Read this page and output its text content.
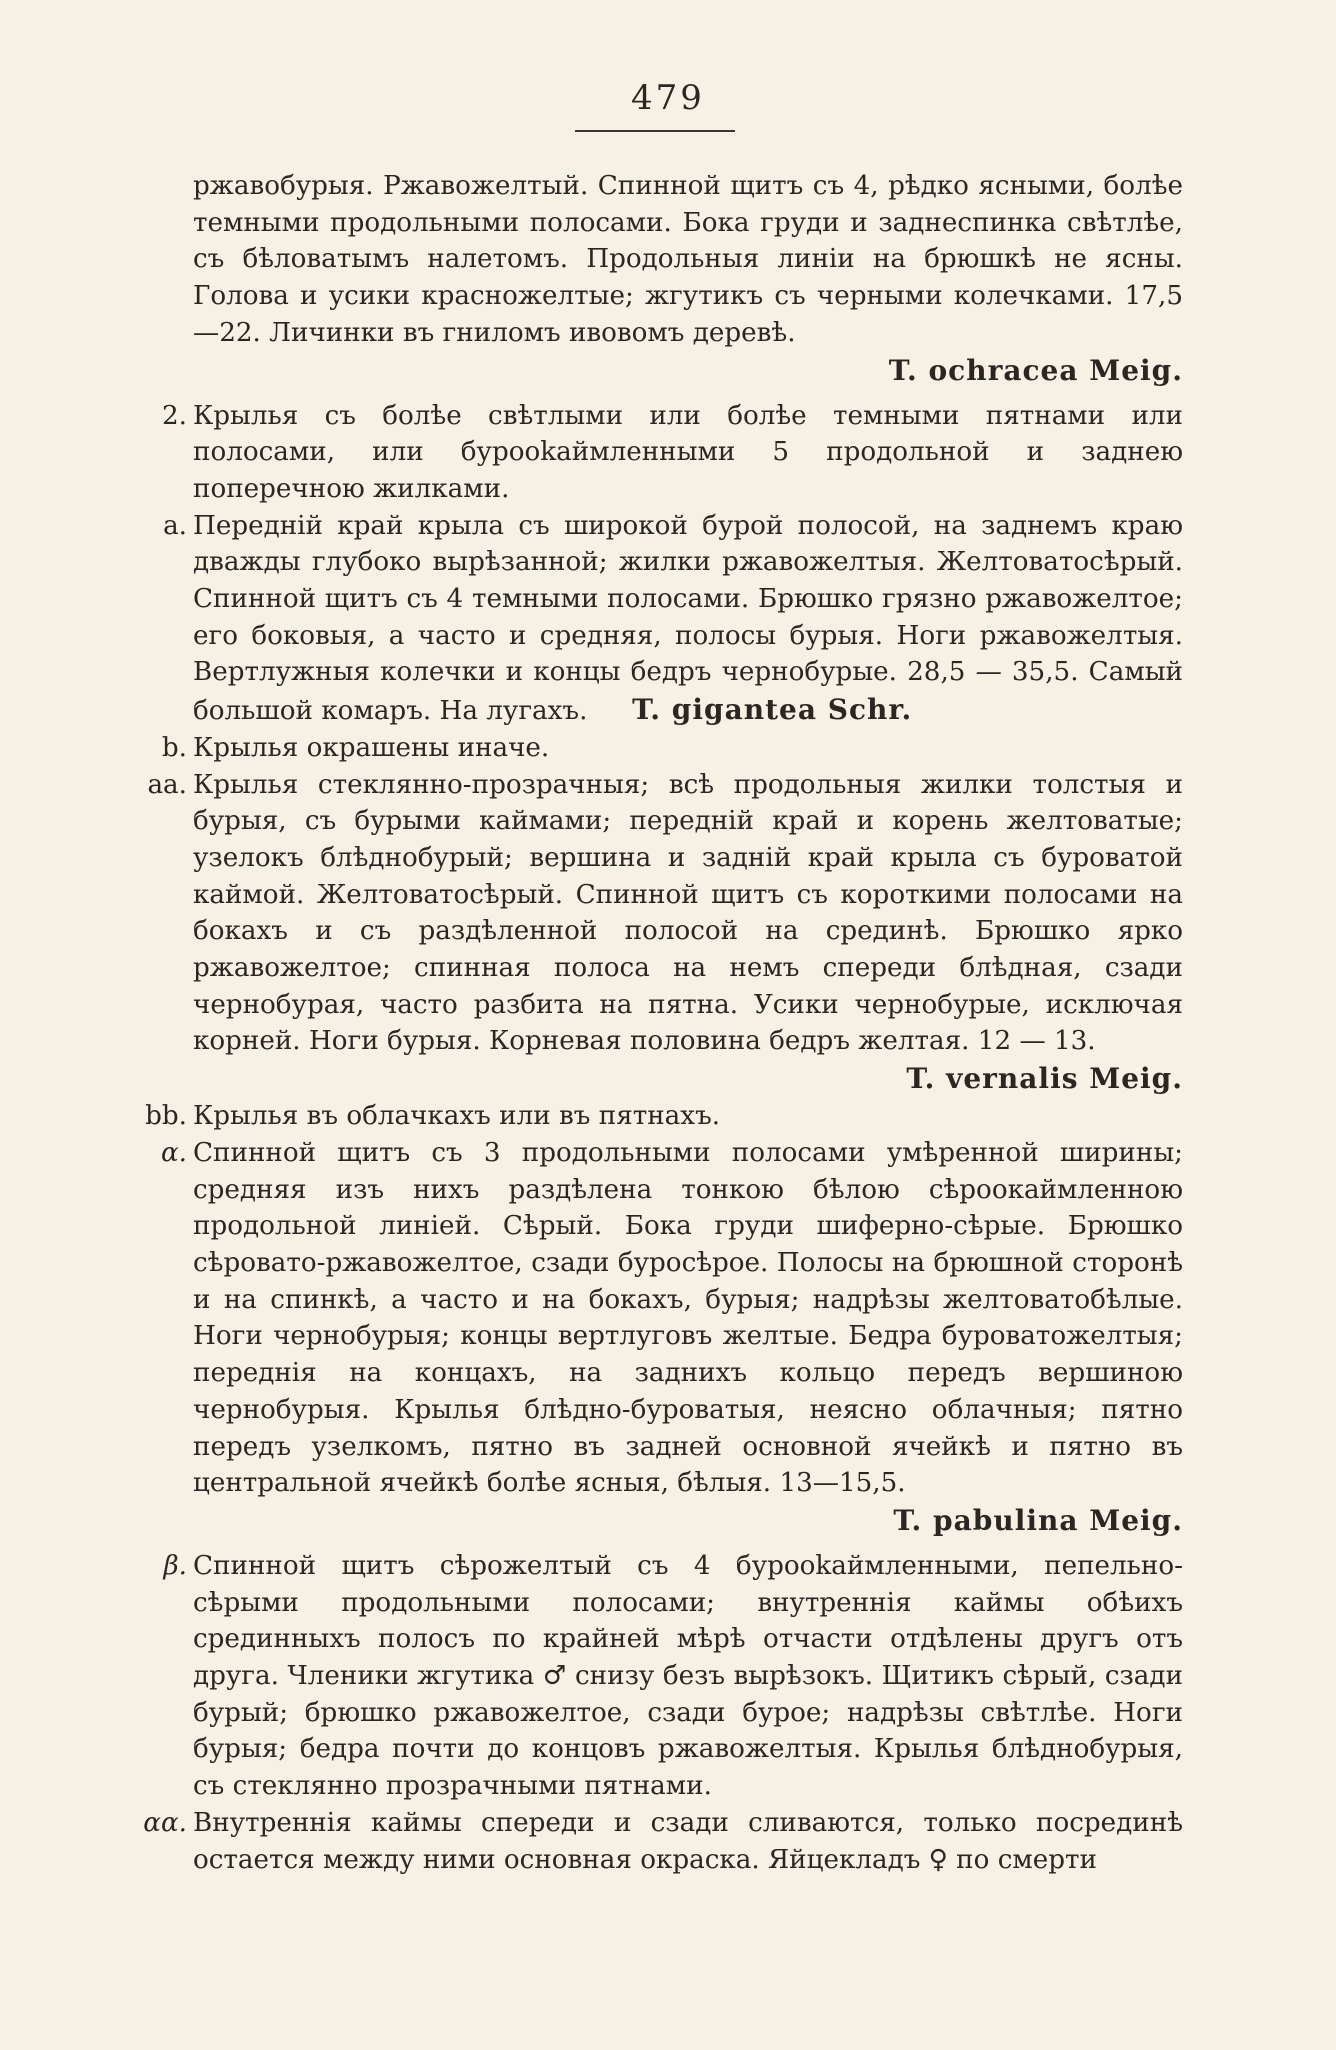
479

ржавобурыя. Ржавожелтый. Спинной щитъ съ 4, рѣдко ясными, болѣе темными продольными полосами. Бока груди и заднеспинка свѣтлѣе, съ бѣловатымъ налетомъ. Продольныя линіи на брюшкѣ не ясны. Голова и усики красножелтые; жгутикъ съ черными колечками. 17,5—22. Личинки въ гниломъ ивовомъ деревѣ.

T. ochracea Meig.

2. Крылья съ болѣе свѣтлыми или болѣе темными пятнами или полосами, или бурookаймленными 5 продольной и заднею поперечною жилками.

a. Передній край крыла съ широкой бурой полосой, на заднемъ краю дважды глубоко вырѣзанной; жилки ржавожелтыя. Желтоватосѣрый. Спинной щитъ съ 4 темными полосами. Брюшко грязно ржавожелтое; его боковыя, а часто и средняя, полосы бурыя. Ноги ржавожелтыя. Вертлужныя колечки и концы бедръ чернобурые. 28,5 — 35,5. Самый большой комаръ. На лугахъ. T. gigantea Schr.

b. Крылья окрашены иначе.

aa. Крылья стеклянно-прозрачныя; всѣ продольныя жилки толстыя и бурыя, съ бурыми каймами; передній край и корень желтоватые; узелокъ блѣднобурый; вершина и задній край крыла съ буроватой каймой. Желтоватосѣрый. Спинной щитъ съ короткими полосами на бокахъ и съ раздѣленной полосой на срединѣ. Брюшко ярко ржавожелтое; спинная полоса на немъ спереди блѣдная, сзади чернобурая, часто разбита на пятна. Усики чернобурые, исключая корней. Ноги бурыя. Корневая половина бедръ желтая. 12 — 13.

T. vernalis Meig.

bb. Крылья въ облачкахъ или въ пятнахъ.

α. Спинной щитъ съ 3 продольными полосами умѣренной ширины; средняя изъ нихъ раздѣлена тонкою бѣлою сѣроокаймленною продольной линіей. Сѣрый. Бока груди шиферно-сѣрые. Брюшко сѣровато-ржавожелтое, сзади буросѣрое. Полосы на брюшной сторонѣ и на спинкѣ, а часто и на бокахъ, бурыя; надрѣзы желтоватобѣлые. Ноги чернобурыя; концы вертлуговъ желтые. Бедра буроватожелтыя; переднія на концахъ, на заднихъ кольцо передъ вершиною чернобурыя. Крылья блѣдно-буроватыя, неясно облачныя; пятно передъ узелкомъ, пятно въ задней основной ячейкѣ и пятно въ центральной ячейкѣ болѣе ясныя, бѣлыя. 13—15,5.

T. pabulina Meig.

β. Спинной щитъ сѣрожелтый съ 4 бурookаймленными, пепельно-сѣрыми продольными полосами; внутреннія каймы обѣихъ срединныхъ полосъ по крайней мѣрѣ отчасти отдѣлены другъ отъ друга. Членики жгутика ♂ снизу безъ вырѣзокъ. Щитикъ сѣрый, сзади бурый; брюшко ржавожелтое, сзади бурое; надрѣзы свѣтлѣе. Ноги бурыя; бедра почти до концовъ ржавожелтыя. Крылья блѣднобурыя, съ стеклянно прозрачными пятнами.

αα. Внутреннія каймы спереди и сзади сливаются, только посрединѣ остается между ними основная окраска. Яйцекладъ ♀ по смерти
